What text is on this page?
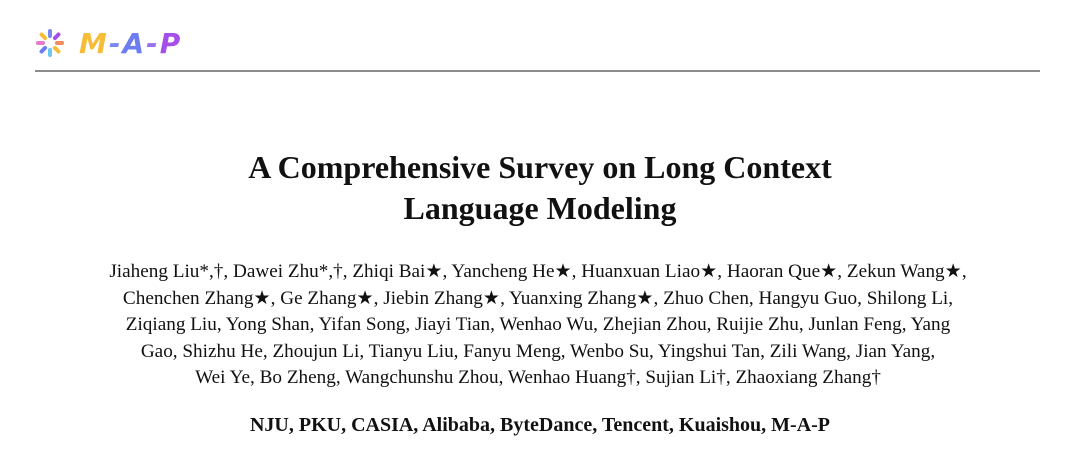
M - A - P
A Comprehensive Survey on Long Context
Language Modeling
Jiaheng Liu*,†, Dawei Zhu*,†, Zhiqi Bai★, Yancheng He★, Huanxuan Liao★, Haoran Que★, Zekun Wang★,
Chenchen Zhang★, Ge Zhang★, Jiebin Zhang★, Yuanxing Zhang★, Zhuo Chen, Hangyu Guo, Shilong Li,
Ziqiang Liu, Yong Shan, Yifan Song, Jiayi Tian, Wenhao Wu, Zhejian Zhou, Ruijie Zhu, Junlan Feng, Yang
Gao, Shizhu He, Zhoujun Li, Tianyu Liu, Fanyu Meng, Wenbo Su, Yingshui Tan, Zili Wang, Jian Yang,
Wei Ye, Bo Zheng, Wangchunshu Zhou, Wenhao Huang†, Sujian Li†, Zhaoxiang Zhang†
NJU, PKU, CASIA, Alibaba, ByteDance, Tencent, Kuaishou, M-A-P
